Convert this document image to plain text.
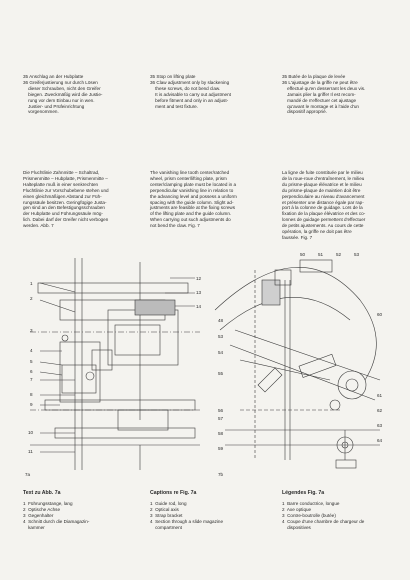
35 Anschlag an der Hubplatte

36 Greiferjustierung nur durch Lösen

dieser Schrauben, nicht den Greifer

biegen. Zweckmäßig wird die Justie-

rung vor dem Einbau nur in wen.

Justier- und Prüfeinrichtung

vorgenommen.

35 Stop on lifting plate

36 Claw adjustment only by slackening

these screws, do not bend claw.

It is advisable to carry out adjustment

before fitment and only in an adjust-

ment and test fixture.

35 Butée de la plaque de levée

36 L'ajustage de la griffe ne peut être

effectué qu'en desserrant les deux vis.

Jamais plier la griffe! Il est recom-

mandé de n'effectuer cet ajustage

qu'avant le montage et à l'aide d'un

dispositif approprié.

Die Fluchtlinie Zahnmitte – Schaltrad,

Prismenmitte – Hubplatte, Prismenmitte –

Halteplatte muß in einer senkrechten

Fluchtlinie zur Vorschubebene stehen und

einen gleichmäßigen Abstand zur Füh-

rungssäule besitzen. Geringfügige Justa-

gen sind an den Befestigungsschrauben

der Hubplatte und Führungssäule mög-

lich. Dabei darf der Greifer nicht verbogen

werden. Abb. 7

The vanishing line tooth center/ratched

wheel, prism center/lifting plate, prism

center/clamping plate must be located in a

perpendicular vanishing line in relation to

the advancing level and possess a uniform

spacing with the guide column. Slight ad-

justments are feasible at the fixing screws

of the lifting plate and the guide column.

When carrying out such adjustments do

not bend the claw. Fig. 7

La ligne de fuite constituée par le milieu

de la roue-roue d'entraînement, le milieu

du prisme-plaque élévatrice et le milieu

du prisme-plaque de maintien doit être

perpendiculaire au niveau d'avancement

et présenter une distance égale par rap-

port à la colonne de guidage. Lors de la

fixation de la plaque élévatrice et des co-

lonnes de guidage permettent d'effectuer

de petits ajustements. Au cours de cette

opération, la griffe ne doit pas être

faussée. Fig. 7

1
2
3
4
5
6
7
8
9
10
11
12
13
14
50	51	52	53
48
53
54
55
56
57
58
59
60
61
62
63
64
7a	7b
Text zu Abb. 7a

1  Führungsstange, lang

2  Optische Achse

3  Gegenhalter

4  Schnitt durch die Diamagazin-

kammer

Captions re Fig. 7a

1  Guide rod, long

2  Optical axis

3  Strap bracket

4  Section through a slide magazine

compartment

Légendes Fig. 7a

1  Barre conductrice, longue

2  Axe optique

3  Contre-boutrolle (butée)

4  Coupe d'une chambre de chargeur de

dispositives
